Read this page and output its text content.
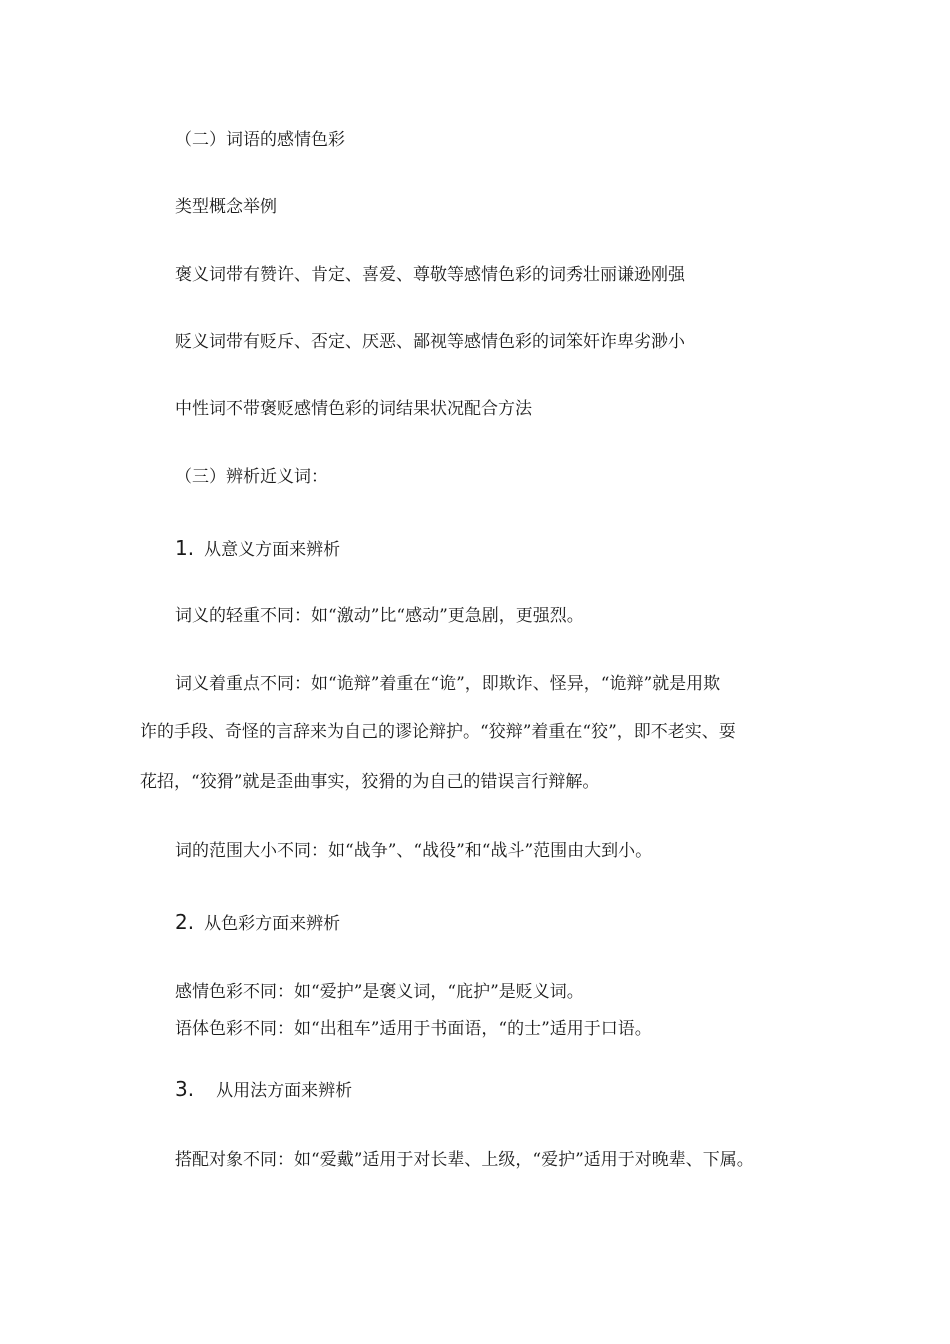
（二）词语的感情色彩
类型概念举例
褒义词带有赞许、肯定、喜爱、尊敬等感情色彩的词秀壮丽谦逊刚强
贬义词带有贬斥、否定、厌恶、鄙视等感情色彩的词笨奸诈卑劣渺小
中性词不带褒贬感情色彩的词结果状况配合方法
（三）辨析近义词：
1. 从意义方面来辨析
词义的轻重不同：如“激动”比“感动”更急剧，更强烈。
词义着重点不同：如“诡辩”着重在“诡”，即欺诈、怪异，“诡辩”就是用欺
诈的手段、奇怪的言辞来为自己的谬论辩护。“狡辩”着重在“狡”，即不老实、耍
花招，“狡猾”就是歪曲事实，狡猾的为自己的错误言行辩解。
词的范围大小不同：如“战争”、“战役”和“战斗”范围由大到小。
2. 从色彩方面来辨析
感情色彩不同：如“爱护”是褒义词，“庇护”是贬义词。
语体色彩不同：如“出租车”适用于书面语，“的士”适用于口语。
3. 从用法方面来辨析
搭配对象不同：如“爱戴”适用于对长辈、上级，“爱护”适用于对晚辈、下属。
